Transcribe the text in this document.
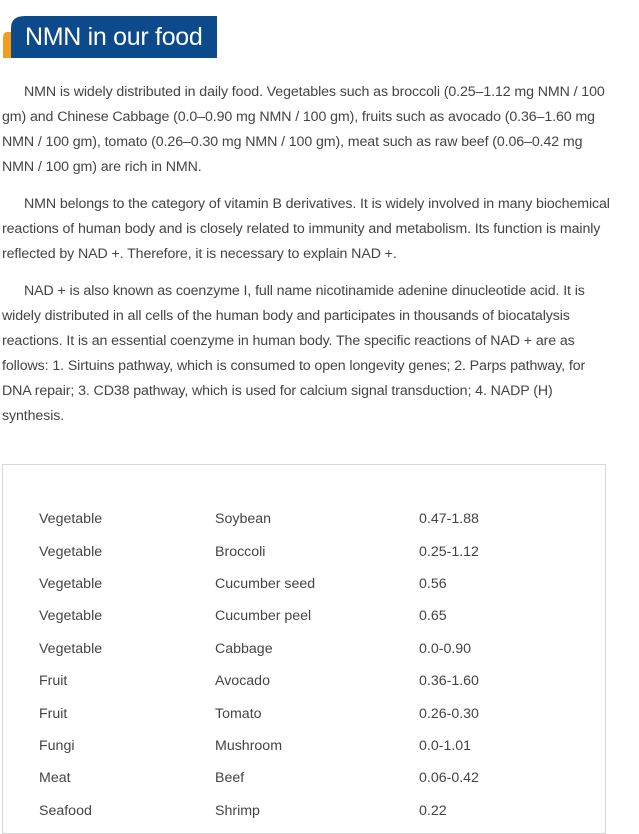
NMN in our food

NMN is widely distributed in daily food. Vegetables such as broccoli (0.25–1.12 mg NMN / 100 gm) and Chinese Cabbage (0.0–0.90 mg NMN / 100 gm), fruits such as avocado (0.36–1.60 mg NMN / 100 gm), tomato (0.26–0.30 mg NMN / 100 gm), meat such as raw beef (0.06–0.42 mg NMN / 100 gm) are rich in NMN.

NMN belongs to the category of vitamin B derivatives. It is widely involved in many biochemical reactions of human body and is closely related to immunity and metabolism. Its function is mainly reflected by NAD +. Therefore, it is necessary to explain NAD +.

NAD + is also known as coenzyme I, full name nicotinamide adenine dinucleotide acid. It is widely distributed in all cells of the human body and participates in thousands of biocatalysis reactions. It is an essential coenzyme in human body. The specific reactions of NAD + are as follows: 1. Sirtuins pathway, which is consumed to open longevity genes; 2. Parps pathway, for DNA repair; 3. CD38 pathway, which is used for calcium signal transduction; 4. NADP (H) synthesis.

Vegetable	Soybean	0.47-1.88
Vegetable	Broccoli	0.25-1.12
Vegetable	Cucumber seed	0.56
Vegetable	Cucumber peel	0.65
Vegetable	Cabbage	0.0-0.90
Fruit	Avocado	0.36-1.60
Fruit	Tomato	0.26-0.30
Fungi	Mushroom	0.0-1.01
Meat	Beef	0.06-0.42
Seafood	Shrimp	0.22
